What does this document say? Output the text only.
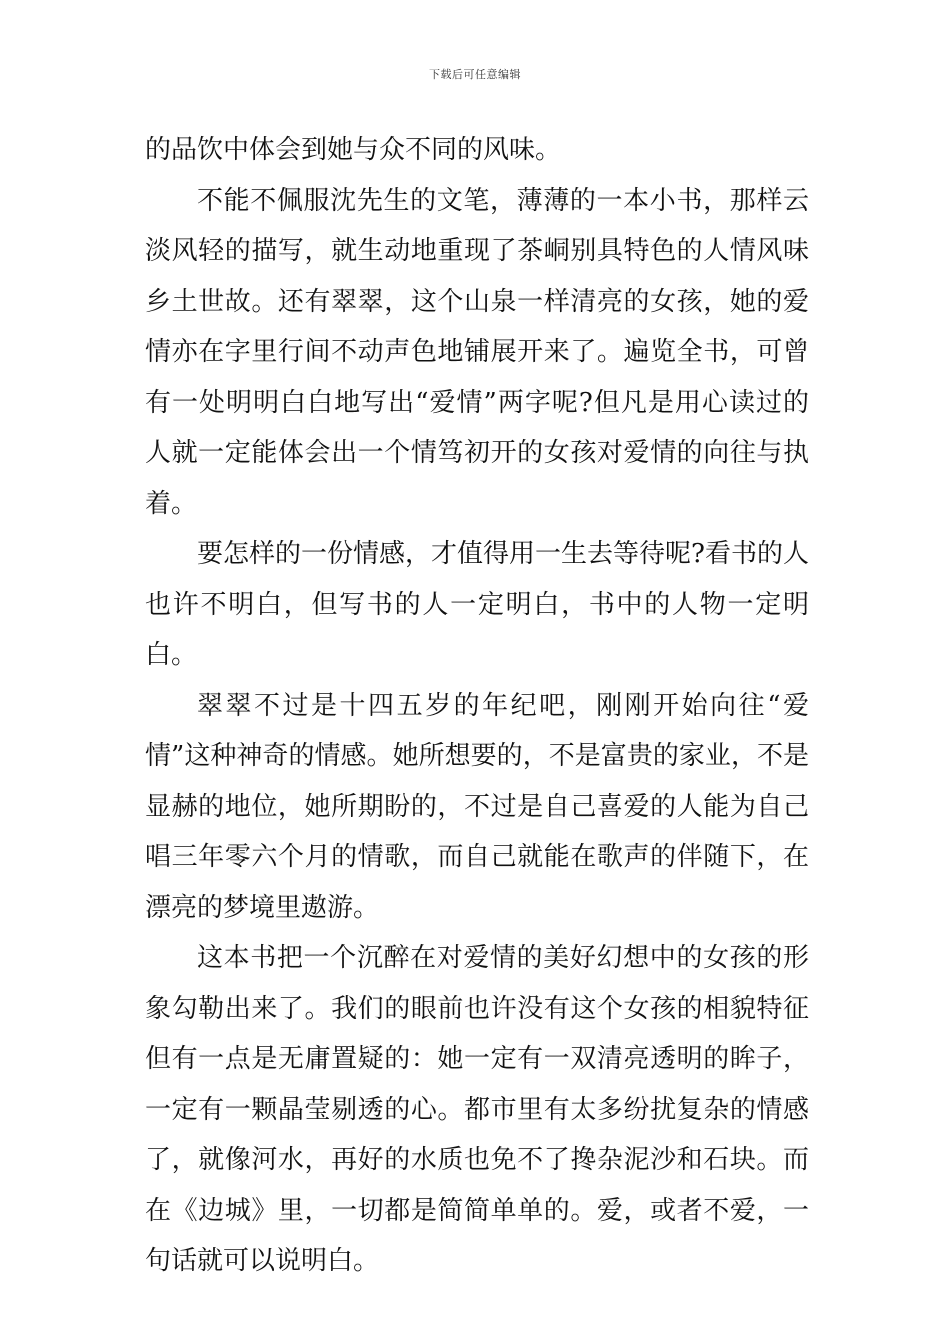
下载后可任意编辑

的品饮中体会到她与众不同的风味。

不能不佩服沈先生的文笔，薄薄的一本小书，那样云淡风轻的描写，就生动地重现了茶峒别具特色的人情风味乡土世故。还有翠翠，这个山泉一样清亮的女孩，她的爱情亦在字里行间不动声色地铺展开来了。遍览全书，可曾有一处明明白白地写出“爱情”两字呢?但凡是用心读过的人就一定能体会出一个情笃初开的女孩对爱情的向往与执着。

要怎样的一份情感，才值得用一生去等待呢?看书的人也许不明白，但写书的人一定明白，书中的人物一定明白。

翠翠不过是十四五岁的年纪吧，刚刚开始向往“爱情”这种神奇的情感。她所想要的，不是富贵的家业，不是显赫的地位，她所期盼的，不过是自己喜爱的人能为自己唱三年零六个月的情歌，而自己就能在歌声的伴随下，在漂亮的梦境里遨游。

这本书把一个沉醉在对爱情的美好幻想中的女孩的形象勾勒出来了。我们的眼前也许没有这个女孩的相貌特征但有一点是无庸置疑的：她一定有一双清亮透明的眸子，一定有一颗晶莹剔透的心。都市里有太多纷扰复杂的情感了，就像河水，再好的水质也免不了搀杂泥沙和石块。而在《边城》里，一切都是简简单单的。爱，或者不爱，一句话就可以说明白。
